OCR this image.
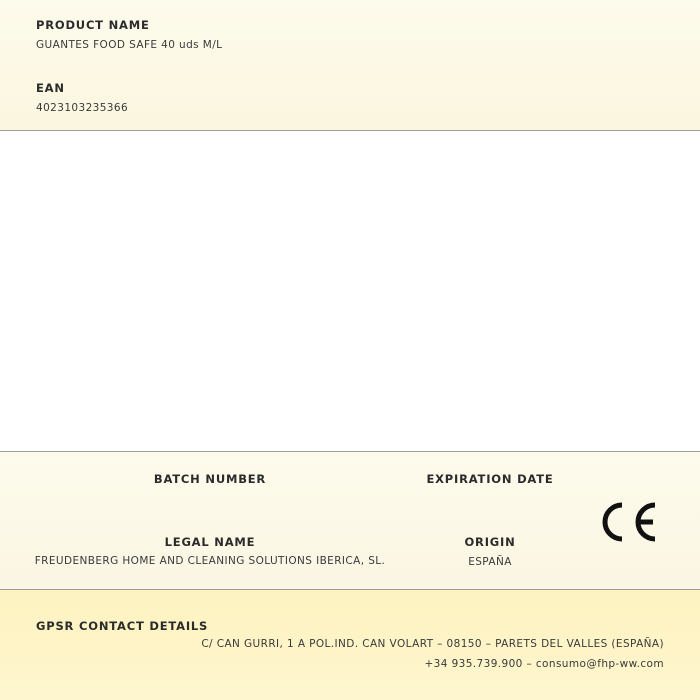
PRODUCT NAME
GUANTES FOOD SAFE 40 uds M/L
EAN
4023103235366
BATCH NUMBER	EXPIRATION DATE
LEGAL NAME
FREUDENBERG HOME AND CLEANING SOLUTIONS IBERICA, SL.
ORIGIN
ESPAÑA
GPSR CONTACT DETAILS
C/ CAN GURRI, 1 A POL.IND. CAN VOLART – 08150 – PARETS DEL VALLES (ESPAÑA)
+34 935.739.900 – consumo@fhp-ww.com
